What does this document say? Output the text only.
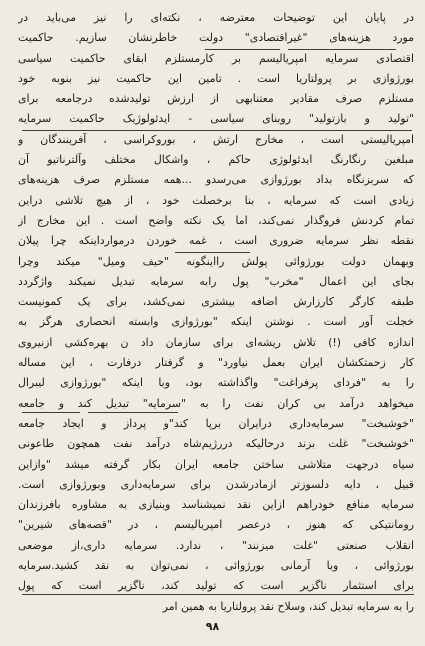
در پایان این توضیحات معترضه ، نکته‌ای را نیز می‌باید در
مورد هزینه‌های "غیراقتصادی" دولت خاطرنشان سازیم. حاکمیت
اقتصادی سرمایه امپریالیسم بر کارمستلزم ابقای حاکمیت سیاسی
بورژوازی بر پرولتاریا است . تامین این حاکمیت نیز بنوبه خود
مستلزم صرف مقادیر معتنابهی از ارزش تولیدشده درجامعه برای
"تولید و بازتولید" روبنای سیاسی - ایدئولوژیک حاکمیت سرمایه
امپریالیستی است ، مخارج ارتش ، بوروکراسی ، آفرینندگان و
مبلغین رنگارنگ ایدئولوژی حاکم ، واشکال مختلف وآلترناتیو آن
که سربزنگاه بداد بورژوازی می‌رسدو ...همه مستلزم صرف هزینه‌های
زیادی است که سرمایه ، بنا برخصلت خود ، از هیچ تلاشی دراین
تمام کردنش فروگذار نمی‌کند، اما یک نکته واضح است . این مخارج از
نقطه نظر سرمایه ضروری است ، غمه خوردن درموارداینکه چرا پیلان
وبهمان دولت بورژوائی پولش رااینگونه "حیف ومیل" میکند وچرا
بجای این اعمال "مخرب" پول رابه سرمایه تبدیل نمیکند واژگردد
طبقه کارگر کارزارش اضافه بیشتری نمی‌کشد، برای یک کمونیست
خجلت آور است . نوشتن اینکه "بورژوازی وابسته انحصاری هرگز به
اندازه کافی (!) تلاش ریشه‌ای برای سازمان داد ن بهره‌کشی ازنیروی
کار زحمتکشان ایران بعمل نیاورد" و گرفتار درفارت ، این مساله
را به "فردای پرفراغت" واگذاشته بود، وبا اینکه "بورژوازی لیبرال
میخواهد درآمد بی کران نفت را به "سرمایه" تبدیل کند و جامعه
"خوشبخت" سرمایه‌داری درایران برپا کند"و پرداز و ایجاد جامعه
"خوشبخت" غلت بزند درحالیکه دررژیم‌شاه درآمد نفت همچون طاعونی
سیاه درجهت متلاشی ساختن جامعه ایران بکار گرفته میشد "وازاین
قبیل ، دایه دلسوزتر ازمادرشدن برای سرمایه‌داری وبورژوازی است.
سرمایه منافع خودراهم ازاین نقد نمیشناسد وبنیازی به مشاوره بافرزندان
رومانتیکی که هنوز ، درعصر امپریالیسم ، در "قصه‌های شیرین"
انقلاب صنعتی "غلت میزنند" ، ندارد. سرمایه داری،از موضعی
بورژوائی ، وبا آرمانی بورژوائی ، نمی‌توان به نقد کشید.سرمایه
برای استثمار ناگزیر است که تولید کند، ناگزیر است که پول
را به سرمایه تبدیل کند، وسلاح نقد پرولتاریا به همین امر
۹۸
